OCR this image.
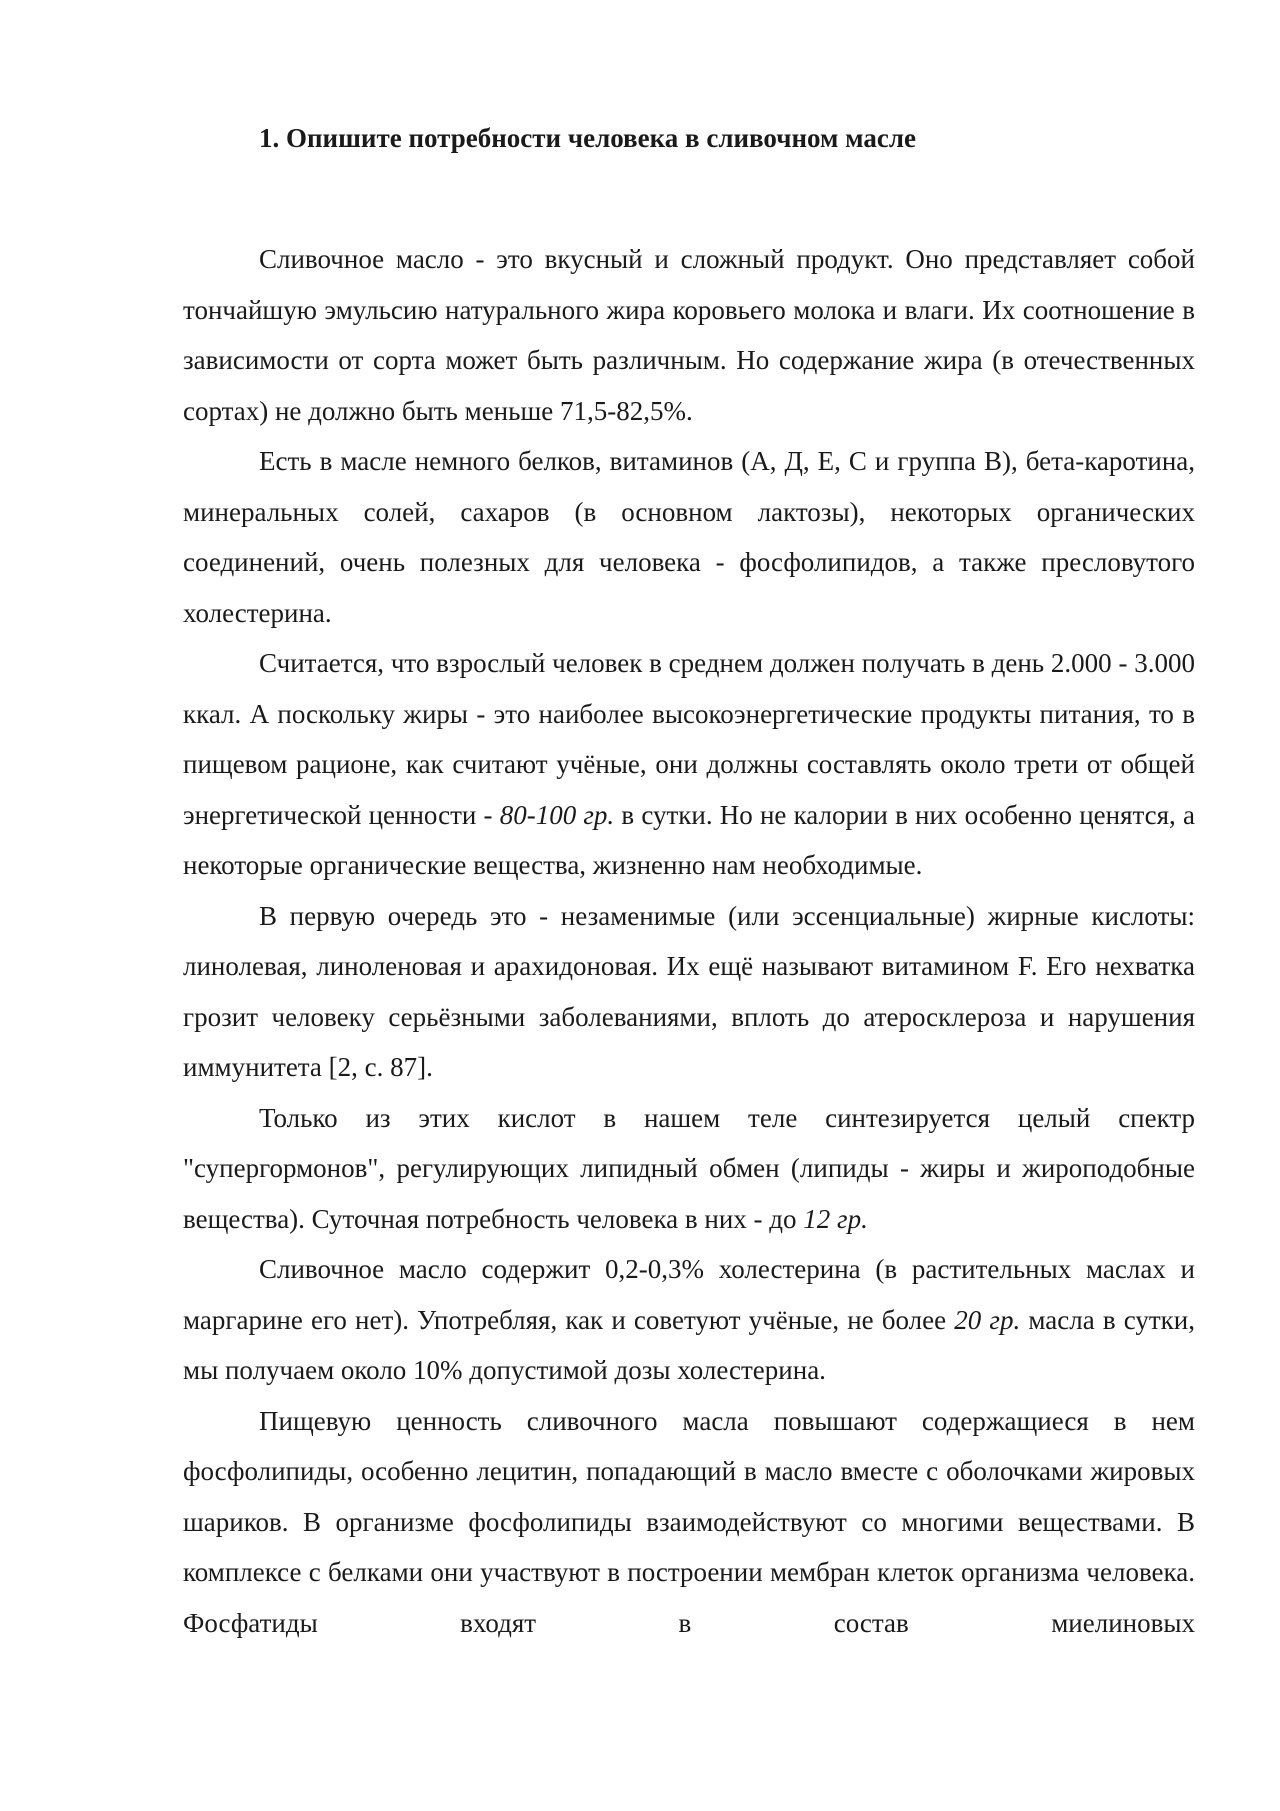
1. Опишите потребности человека в сливочном масле

Сливочное масло - это вкусный и сложный продукт. Оно представляет собой тончайшую эмульсию натурального жира коровьего молока и влаги. Их соотношение в зависимости от сорта может быть различным. Но содержание жира (в отечественных сортах) не должно быть меньше 71,5-82,5%.

Есть в масле немного белков, витаминов (А, Д, Е, С и группа В), бета-каротина, минеральных солей, сахаров (в основном лактозы), некоторых органических соединений, очень полезных для человека - фосфолипидов, а также пресловутого холестерина.

Считается, что взрослый человек в среднем должен получать в день 2.000 - 3.000 ккал. А поскольку жиры - это наиболее высокоэнергетические продукты питания, то в пищевом рационе, как считают учёные, они должны составлять около трети от общей энергетической ценности - 80-100 гр. в сутки. Но не калории в них особенно ценятся, а некоторые органические вещества, жизненно нам необходимые.

В первую очередь это - незаменимые (или эссенциальные) жирные кислоты: линолевая, линоленовая и арахидоновая. Их ещё называют витамином F. Его нехватка грозит человеку серьёзными заболеваниями, вплоть до атеросклероза и нарушения иммунитета [2, с. 87].

Только из этих кислот в нашем теле синтезируется целый спектр "супергормонов", регулирующих липидный обмен (липиды - жиры и жироподобные вещества). Суточная потребность человека в них - до 12 гр.

Сливочное масло содержит 0,2-0,3% холестерина (в растительных маслах и маргарине его нет). Употребляя, как и советуют учёные, не более 20 гр. масла в сутки, мы получаем около 10% допустимой дозы холестерина.

Пищевую ценность сливочного масла повышают содержащиеся в нем фосфолипиды, особенно лецитин, попадающий в масло вместе с оболочками жировых шариков. В организме фосфолипиды взаимодействуют со многими веществами. В комплексе с белками они участвуют в построении мембран клеток организма человека. Фосфатиды входят в состав миелиновых
